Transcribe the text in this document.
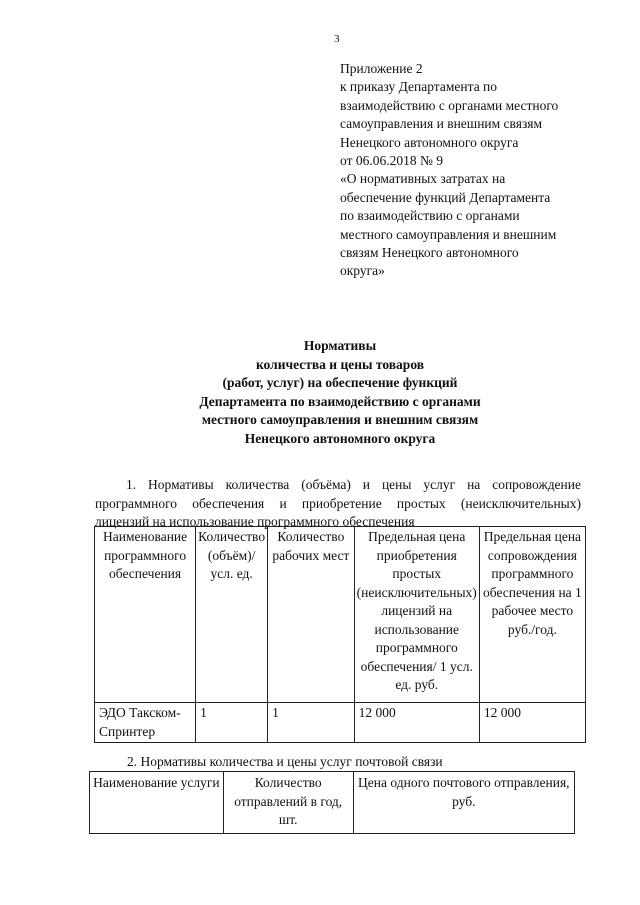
3
Приложение 2
к приказу Департамента по
взаимодействию с органами местного
самоуправления и внешним связям
Ненецкого автономного округа
от 06.06.2018 № 9
«О нормативных затратах на
обеспечение функций Департамента
по взаимодействию с органами
местного самоуправления и внешним
связям Ненецкого автономного
округа»
Нормативы
количества и цены товаров
(работ, услуг) на обеспечение функций
Департамента по взаимодействию с органами
местного самоуправления и внешним связям
Ненецкого автономного округа
1. Нормативы количества (объёма) и цены услуг на сопровождение
программного обеспечения и приобретение простых (неисключительных)
лицензий на использование программного обеспечения
Наименование программного обеспечения	Количество (объём)/ усл. ед.	Количество рабочих мест	Предельная цена приобретения простых (неисключительных) лицензий на использование программного обеспечения/ 1 усл. ед. руб.	Предельная цена сопровождения программного обеспечения на 1 рабочее место руб./год.
ЭДО Такском-Спринтер	1	1	12 000	12 000
2. Нормативы количества и цены услуг почтовой связи
Наименование услуги	Количество отправлений в год, шт.	Цена одного почтового отправления, руб.
